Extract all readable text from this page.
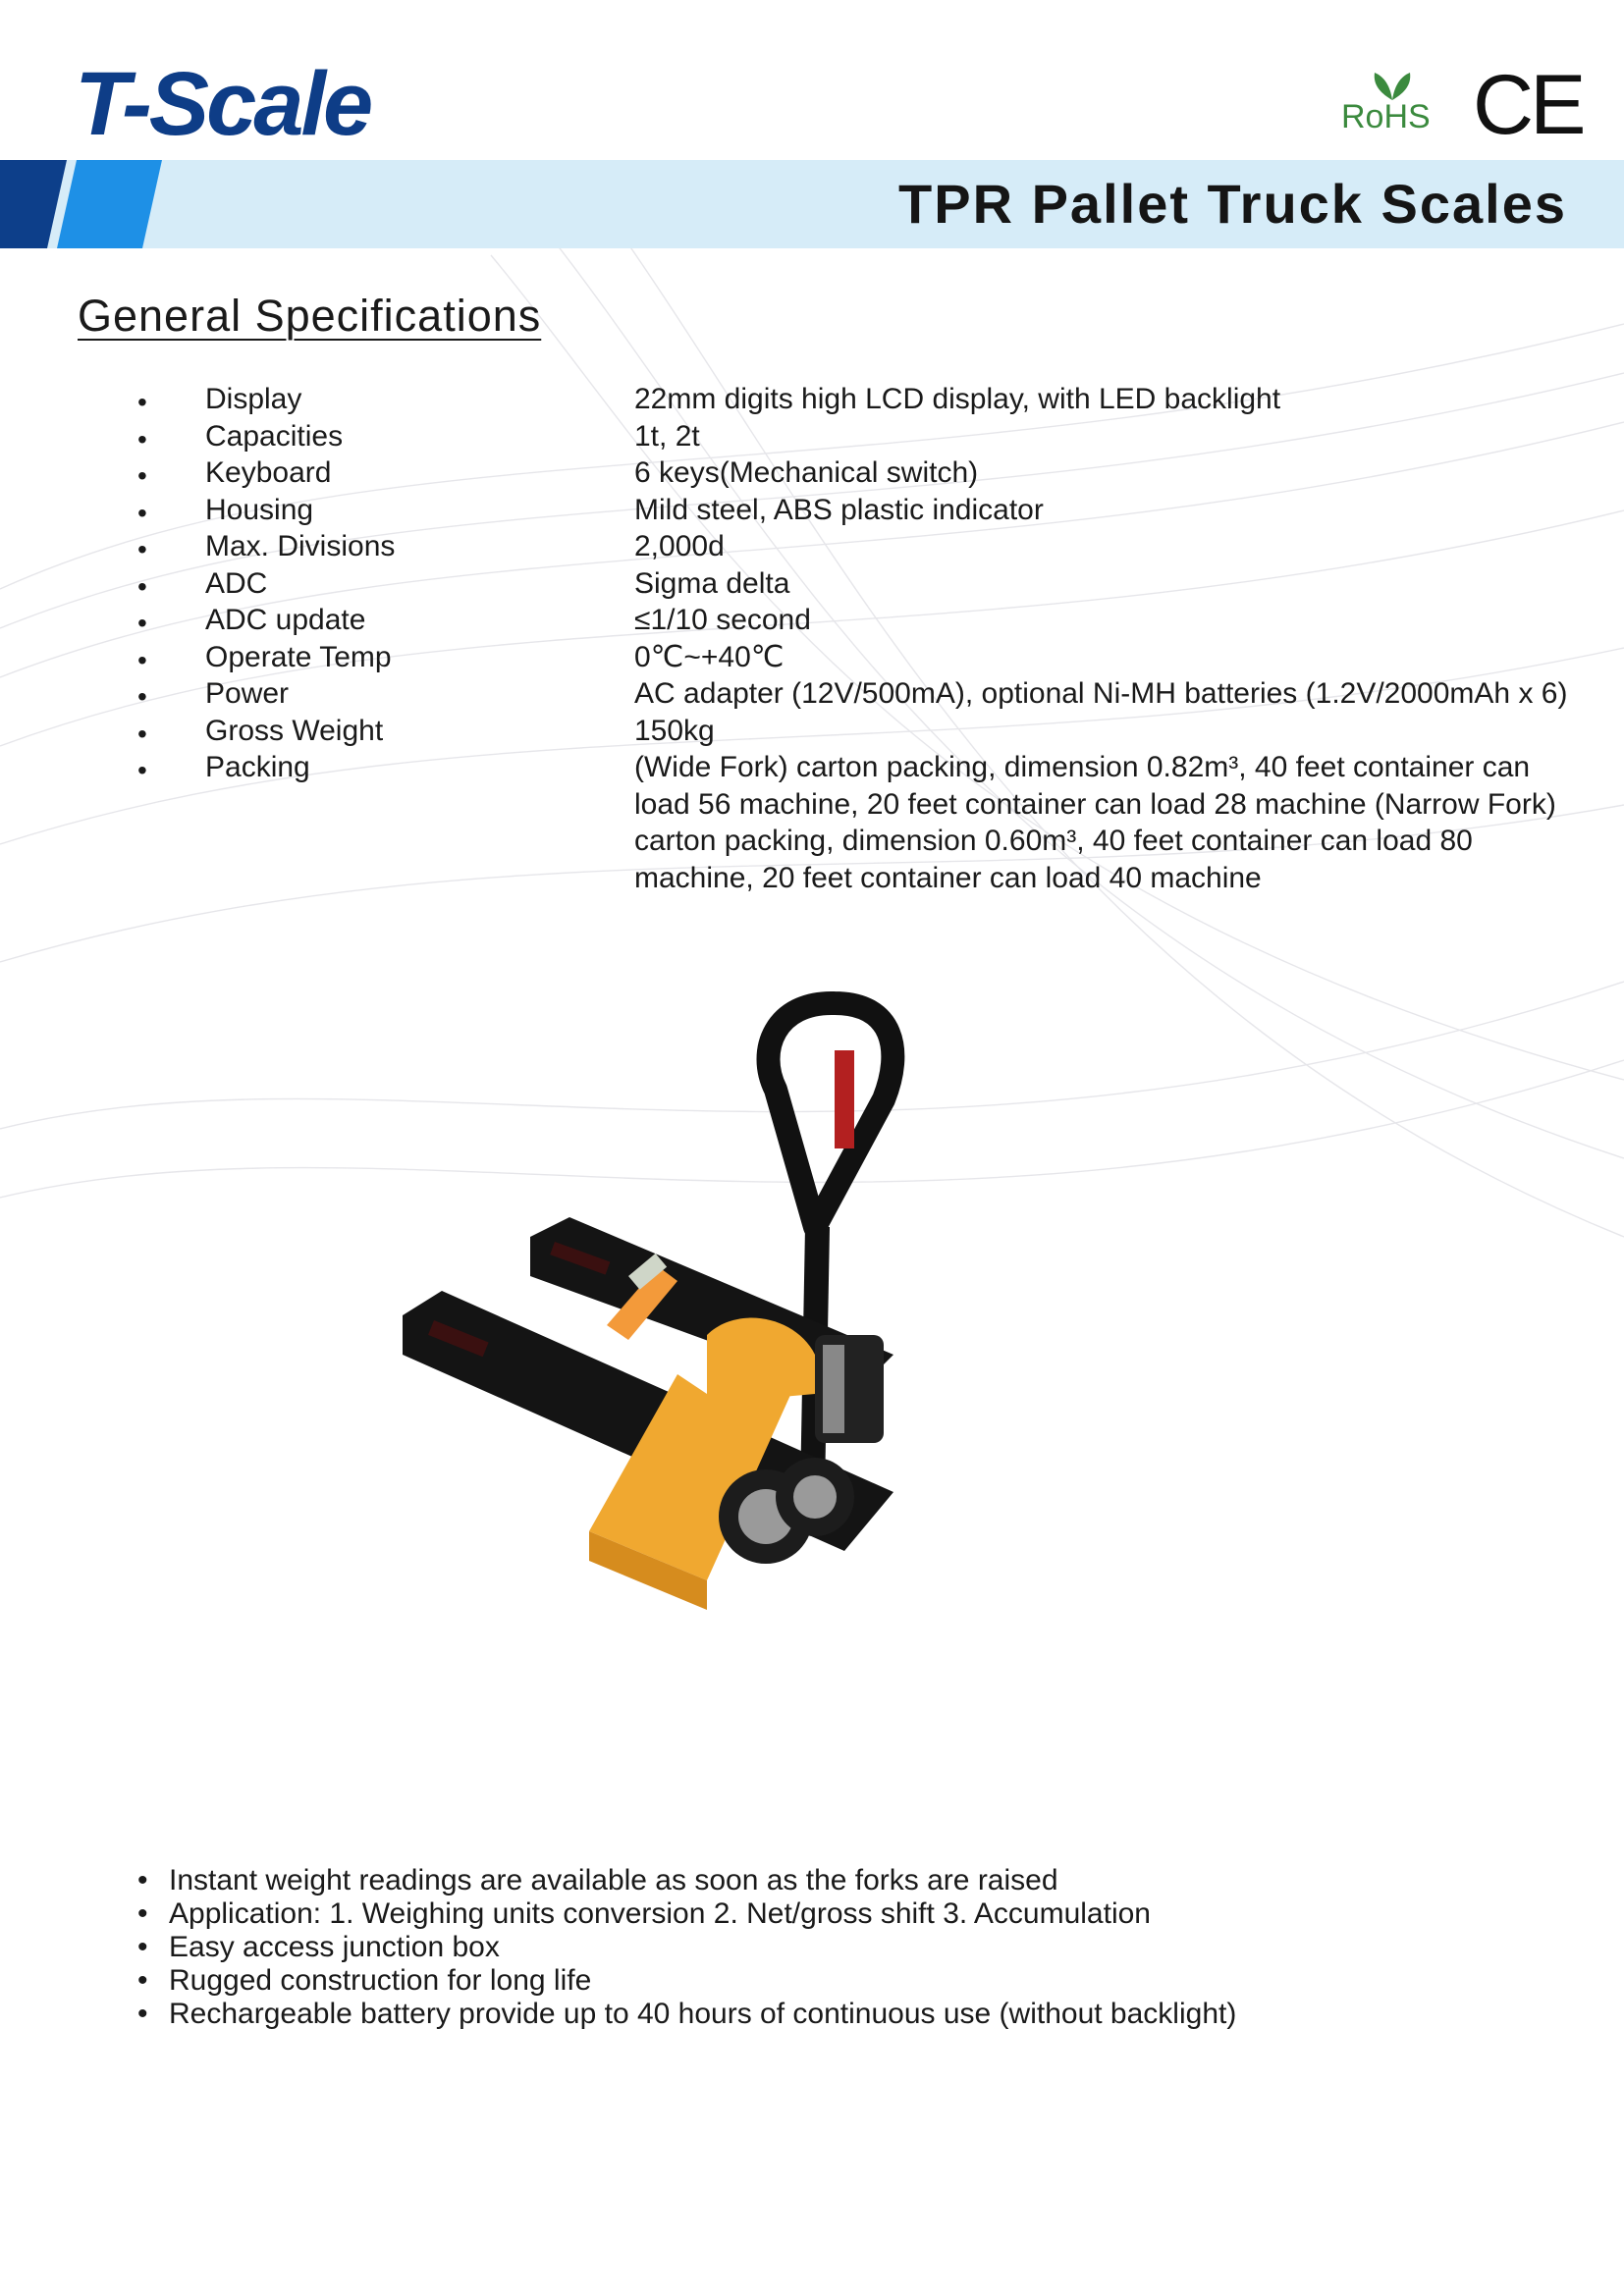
T-Scale	RoHS CE
TPR Pallet Truck Scales
General Specifications
• Display	22mm digits high LCD display, with LED backlight
• Capacities	1t, 2t
• Keyboard	6 keys(Mechanical switch)
• Housing	Mild steel, ABS plastic indicator
• Max. Divisions	2,000d
• ADC	Sigma delta
• ADC update	≤1/10 second
• Operate Temp	0℃~+40℃
• Power	AC adapter (12V/500mA), optional Ni-MH batteries (1.2V/2000mAh x 6)
• Gross Weight	150kg
• Packing	(Wide Fork) carton packing, dimension 0.82m³, 40 feet container can load 56 machine, 20 feet container can load 28 machine (Narrow Fork) carton packing, dimension 0.60m³, 40 feet container can load 80 machine, 20 feet container can load 40 machine
• Instant weight readings are available as soon as the forks are raised
• Application: 1. Weighing units conversion 2. Net/gross shift 3. Accumulation
• Easy access junction box
• Rugged construction for long life
• Rechargeable battery provide up to 40 hours of continuous use (without backlight)
